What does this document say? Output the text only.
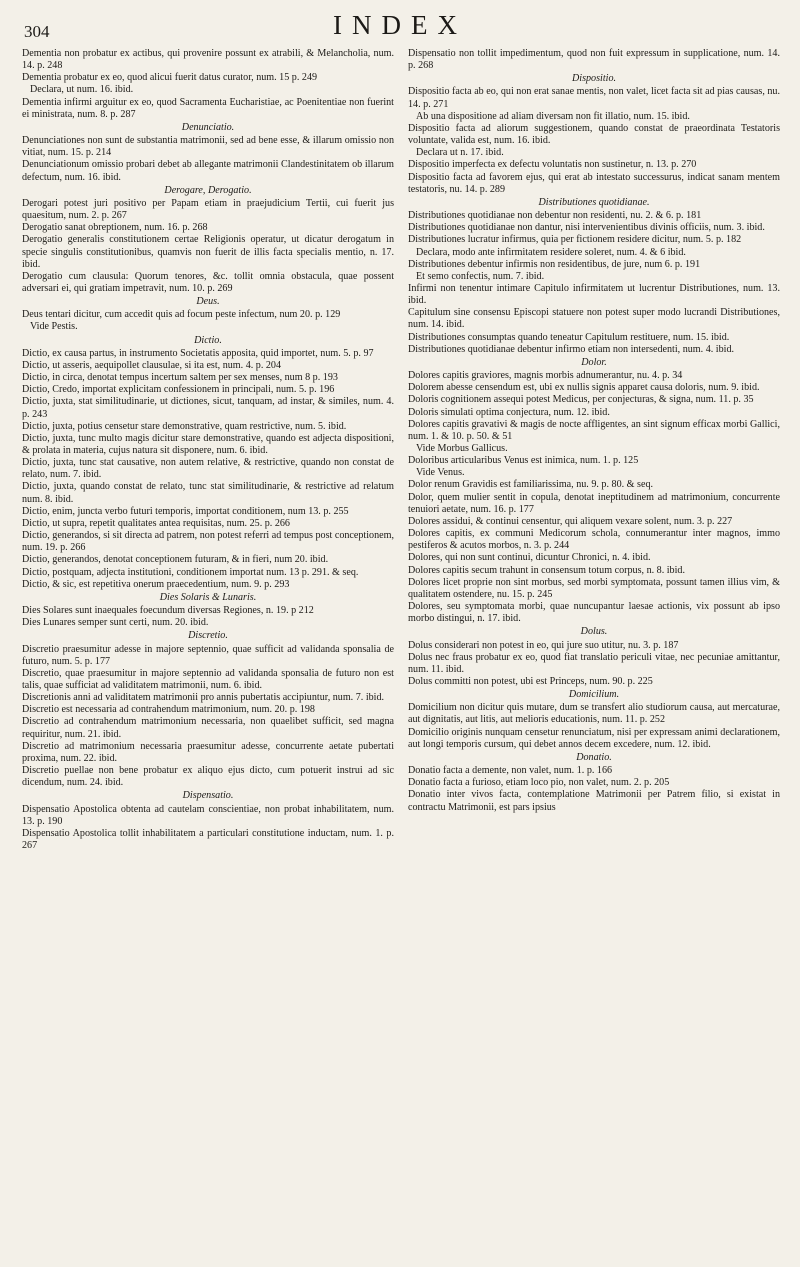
304	INDEX

Dementia non probatur ex actibus, qui provenire possunt ex atrabili, & Melancholia, num. 14. p. 248

Dementia probatur ex eo, quod alicui fuerit datus curator, num. 15 p. 249

Declara, ut num. 16. ibid.

Dementia infirmi arguitur ex eo, quod Sacramenta Eucharistiae, ac Poenitentiae non fuerint ei ministrata, num. 8. p. 287

Denunciatio.

Denunciationes non sunt de substantia matrimonii, sed ad bene esse, & illarum omissio non vitiat, num. 15. p. 214

Denunciationum omissio probari debet ab allegante matrimonii Clandestinitatem ob illarum defectum, num. 16. ibid.

Derogare, Derogatio.

Derogari potest juri positivo per Papam etiam in praejudicium Tertii, cui fuerit jus quaesitum, num. 2. p. 267

Derogatio sanat obreptionem, num. 16. p. 268

Derogatio generalis constitutionem certae Religionis operatur, ut dicatur derogatum in specie singulis constitutionibus, quamvis non fuerit de illis facta specialis mentio, n. 17. ibid.

Derogatio cum clausula: Quorum tenores, &c. tollit omnia obstacula, quae possent adversari ei, qui gratiam impetravit, num. 10. p. 269

Deus.

Deus tentari dicitur, cum accedit quis ad focum peste infectum, num 20. p. 129

Vide Pestis.

Dictio.

Dictio, ex causa partus, in instrumento Societatis apposita, quid importet, num. 5. p. 97

Dictio, ut asseris, aequipollet clausulae, si ita est, num. 4. p. 204

Dictio, in circa, denotat tempus incertum saltem per sex menses, num 8 p. 193

Dictio, Credo, importat explicitam confessionem in principali, num. 5. p. 196

Dictio, juxta, stat similitudinarie, ut dictiones, sicut, tanquam, ad instar, & similes, num. 4. p. 243

Dictio, juxta, potius censetur stare demonstrative, quam restrictive, num. 5. ibid.

Dictio, juxta, tunc multo magis dicitur stare demonstrative, quando est adjecta dispositioni, & prolata in materia, cujus natura sit disponere, num. 6. ibid.

Dictio, juxta, tunc stat causative, non autem relative, & restrictive, quando non constat de relato, num. 7. ibid.

Dictio, juxta, quando constat de relato, tunc stat similitudinarie, & restrictive ad relatum num. 8. ibid.

Dictio, enim, juncta verbo futuri temporis, importat conditionem, num 13. p. 255

Dictio, ut supra, repetit qualitates antea requisitas, num. 25. p. 266

Dictio, generandos, si sit directa ad patrem, non potest referri ad tempus post conceptionem, num. 19. p. 266

Dictio, generandos, denotat conceptionem futuram, & in fieri, num 20. ibid.

Dictio, postquam, adjecta institutioni, conditionem importat num. 13 p. 291. & seq.

Dictio, & sic, est repetitiva onerum praecedentium, num. 9. p. 293

Dies Solaris & Lunaris.

Dies Solares sunt inaequales foecundum diversas Regiones, n. 19. p 212

Dies Lunares semper sunt certi, num. 20. ibid.

Discretio.

Discretio praesumitur adesse in majore septennio, quae sufficit ad validanda sponsalia de futuro, num. 5. p. 177

Discretio, quae praesumitur in majore septennio ad validanda sponsalia de futuro non est talis, quae sufficiat ad validitatem matrimonii, num. 6. ibid.

Discretionis anni ad validitatem matrimonii pro annis pubertatis accipiuntur, num. 7. ibid.

Discretio est necessaria ad contrahendum matrimonium, num. 20. p. 198

Discretio ad contrahendum matrimonium necessaria, non quaelibet sufficit, sed magna requiritur, num. 21. ibid.

Discretio ad matrimonium necessaria praesumitur adesse, concurrente aetate pubertati proxima, num. 22. ibid.

Discretio puellae non bene probatur ex aliquo ejus dicto, cum potuerit instrui ad sic dicendum, num. 24. ibid.

Dispensatio.

Dispensatio Apostolica obtenta ad cautelam conscientiae, non probat inhabilitatem, num. 13. p. 190

Dispensatio Apostolica tollit inhabilitatem a particulari constitutione inductam, num. 1. p. 267

Dispensatio non tollit impedimentum, quod non fuit expressum in supplicatione, num. 14. p. 268

Dispositio.

Dispositio facta ab eo, qui non erat sanae mentis, non valet, licet facta sit ad pias causas, nu. 14. p. 271

Ab una dispositione ad aliam diversam non fit illatio, num. 15. ibid.

Dispositio facta ad aliorum suggestionem, quando constat de praeordinata Testatoris voluntate, valida est, num. 16. ibid.

Declara ut n. 17. ibid.

Dispositio imperfecta ex defectu voluntatis non sustinetur, n. 13. p. 270

Dispositio facta ad favorem ejus, qui erat ab intestato successurus, indicat sanam mentem testatoris, nu. 14. p. 289

Distributiones quotidianae.

Distributiones quotidianae non debentur non residenti, nu. 2. & 6. p. 181

Distributiones quotidianae non dantur, nisi intervenientibus divinis officiis, num. 3. ibid.

Distributiones lucratur infirmus, quia per fictionem residere dicitur, num. 5. p. 182

Declara, modo ante infirmitatem residere soleret, num. 4. & 6 ibid.

Distributiones debentur infirmis non residentibus, de jure, num 6. p. 191

Et semo confectis, num. 7. ibid.

Infirmi non tenentur intimare Capitulo infirmitatem ut lucrentur Distributiones, num. 13. ibid.

Capitulum sine consensu Episcopi statuere non potest super modo lucrandi Distributiones, num. 14. ibid.

Distributiones consumptas quando teneatur Capitulum restituere, num. 15. ibid.

Distributiones quotidianae debentur infirmo etiam non intersedenti, num. 4. ibid.

Dolor.

Dolores capitis graviores, magnis morbis adnumerantur, nu. 4. p. 34

Dolorem abesse censendum est, ubi ex nullis signis apparet causa doloris, num. 9. ibid.

Doloris cognitionem assequi potest Medicus, per conjecturas, & signa, num. 11. p. 35

Doloris simulati optima conjectura, num. 12. ibid.

Dolores capitis gravativi & magis de nocte affligentes, an sint signum efficax morbi Gallici, num. 1. & 10. p. 50. & 51

Vide Morbus Gallicus.

Doloribus articularibus Venus est inimica, num. 1. p. 125

Vide Venus.

Dolor renum Gravidis est familiarissima, nu. 9. p. 80. & seq.

Dolor, quem mulier sentit in copula, denotat ineptitudinem ad matrimonium, concurrente tenuiori aetate, num. 16. p. 177

Dolores assidui, & continui censentur, qui aliquem vexare solent, num. 3. p. 227

Dolores capitis, ex communi Medicorum schola, connumerantur inter magnos, immo pestiferos & acutos morbos, n. 3. p. 244

Dolores, qui non sunt continui, dicuntur Chronici, n. 4. ibid.

Dolores capitis secum trahunt in consensum totum corpus, n. 8. ibid.

Dolores licet proprie non sint morbus, sed morbi symptomata, possunt tamen illius vim, & qualitatem ostendere, nu. 15. p. 245

Dolores, seu symptomata morbi, quae nuncupantur laesae actionis, vix possunt ab ipso morbo distingui, n. 17. ibid.

Dolus.

Dolus considerari non potest in eo, qui jure suo utitur, nu. 3. p. 187

Dolus nec fraus probatur ex eo, quod fiat translatio periculi vitae, nec pecuniae amittantur, num. 11. ibid.

Dolus committi non potest, ubi est Princeps, num. 90. p. 225

Domicilium.

Domicilium non dicitur quis mutare, dum se transfert alio studiorum causa, aut mercaturae, aut dignitatis, aut litis, aut melioris educationis, num. 11. p. 252

Domicilio originis nunquam censetur renunciatum, nisi per expressam animi declarationem, aut longi temporis cursum, qui debet annos decem excedere, num. 12. ibid.

Donatio.

Donatio facta a demente, non valet, num. 1. p. 166

Donatio facta a furioso, etiam loco pio, non valet, num. 2. p. 205

Donatio inter vivos facta, contemplatione Matrimonii per Patrem filio, si existat in contractu Matrimonii, est pars ipsius
